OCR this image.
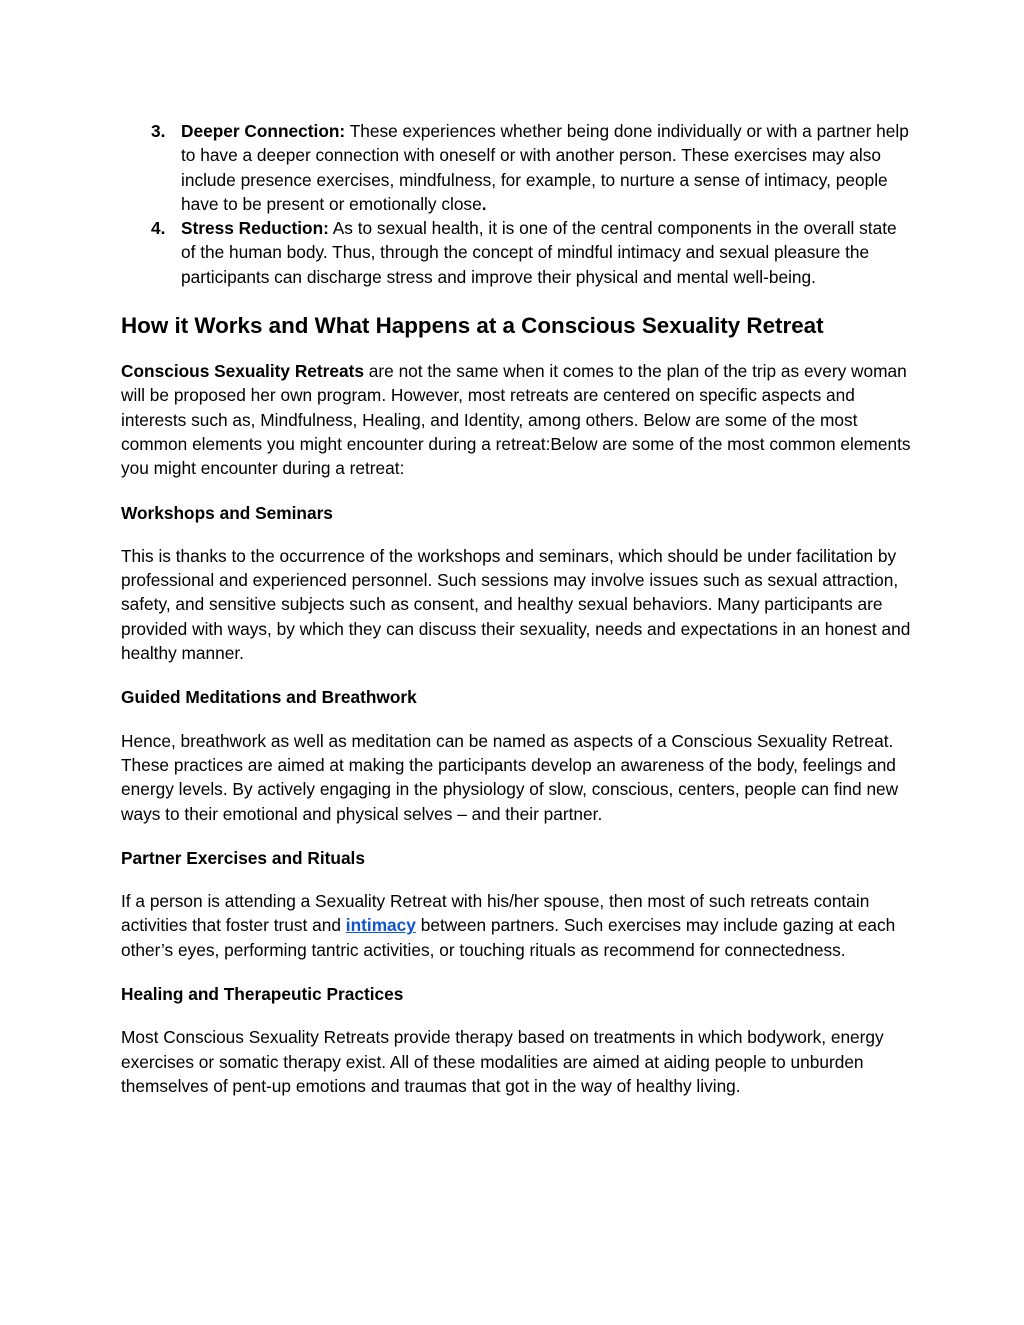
3. Deeper Connection: These experiences whether being done individually or with a partner help to have a deeper connection with oneself or with another person. These exercises may also include presence exercises, mindfulness, for example, to nurture a sense of intimacy, people have to be present or emotionally close.
4. Stress Reduction: As to sexual health, it is one of the central components in the overall state of the human body. Thus, through the concept of mindful intimacy and sexual pleasure the participants can discharge stress and improve their physical and mental well-being.
How it Works and What Happens at a Conscious Sexuality Retreat

Conscious Sexuality Retreats are not the same when it comes to the plan of the trip as every woman will be proposed her own program. However, most retreats are centered on specific aspects and interests such as, Mindfulness, Healing, and Identity, among others. Below are some of the most common elements you might encounter during a retreat:Below are some of the most common elements you might encounter during a retreat:

Workshops and Seminars

This is thanks to the occurrence of the workshops and seminars, which should be under facilitation by professional and experienced personnel. Such sessions may involve issues such as sexual attraction, safety, and sensitive subjects such as consent, and healthy sexual behaviors. Many participants are provided with ways, by which they can discuss their sexuality, needs and expectations in an honest and healthy manner.

Guided Meditations and Breathwork

Hence, breathwork as well as meditation can be named as aspects of a Conscious Sexuality Retreat. These practices are aimed at making the participants develop an awareness of the body, feelings and energy levels. By actively engaging in the physiology of slow, conscious, centers, people can find new ways to their emotional and physical selves – and their partner.

Partner Exercises and Rituals

If a person is attending a Sexuality Retreat with his/her spouse, then most of such retreats contain activities that foster trust and intimacy between partners. Such exercises may include gazing at each other’s eyes, performing tantric activities, or touching rituals as recommend for connectedness.

Healing and Therapeutic Practices

Most Conscious Sexuality Retreats provide therapy based on treatments in which bodywork, energy exercises or somatic therapy exist. All of these modalities are aimed at aiding people to unburden themselves of pent-up emotions and traumas that got in the way of healthy living.
